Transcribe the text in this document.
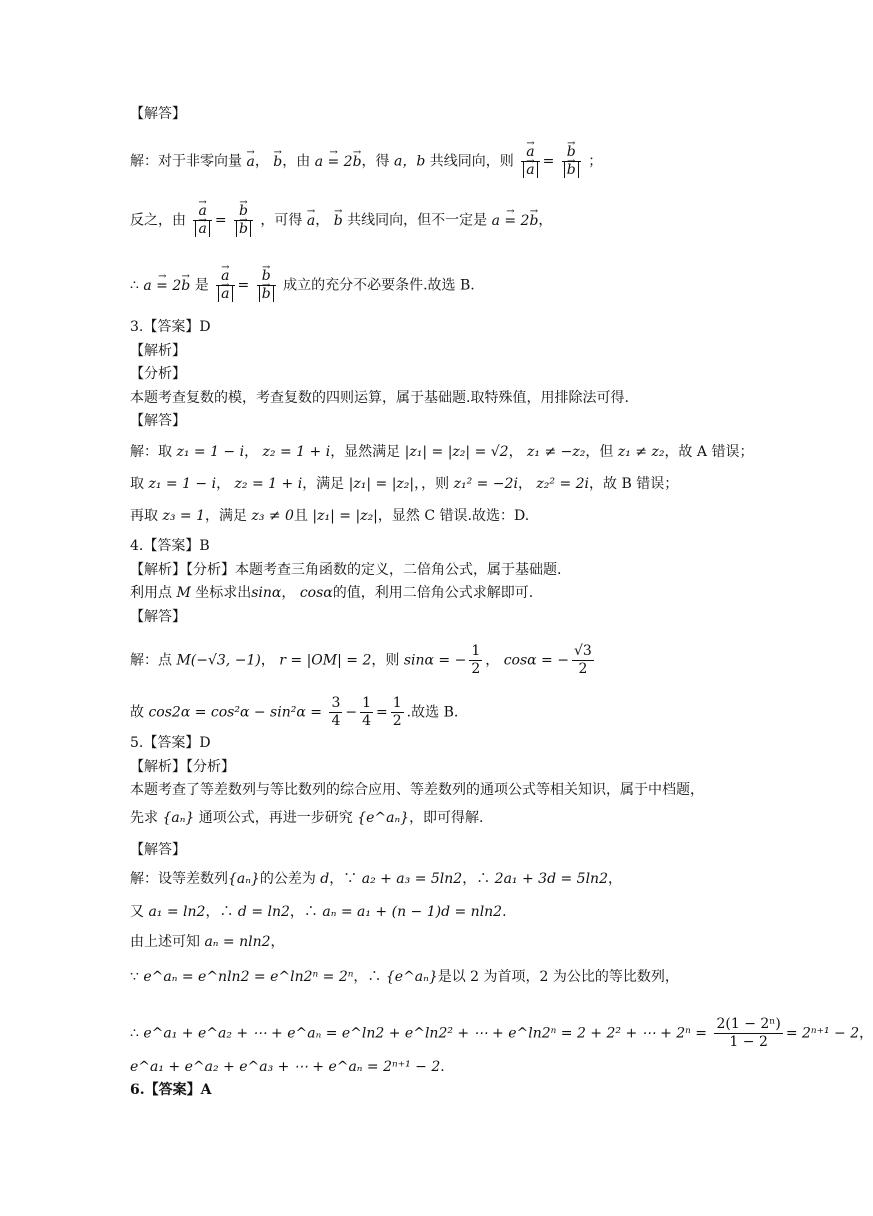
【解答】
解：对于非零向量 → a， → b，由 → a = 2→ b，得 a，b 共线同向，则 → a
→ a = → b
→ b ；
反之，由 → a
→ a = → b
→ b ，可得 → a， → b 共线同向，但不一定是 → a = 2→ b，
∴ → a = 2→ b 是 → a
→ a = → b
→ b 成立的充分不必要条件.故选 B.
3.【答案】D
【解析】
【分析】
本题考查复数的模，考查复数的四则运算，属于基础题.取特殊值，用排除法可得.
【解答】
解：取 z₁ = 1 − i， z₂ = 1 + i，显然满足 |z₁| = |z₂| = √2， z₁ ≠ −z₂，但 z₁ ≠ z₂，故 A 错误；
取 z₁ = 1 − i， z₂ = 1 + i，满足 |z₁| = |z₂|，，则 z₁² = −2i， z₂² = 2i，故 B 错误；
再取 z₃ = 1，满足 z₃ ≠ 0且 |z₁| = |z₂|，显然 C 错误.故选：D.
4.【答案】B
【解析】【分析】本题考查三角函数的定义，二倍角公式，属于基础题.
利用点 M 坐标求出sinα， cosα的值，利用二倍角公式求解即可.
【解答】
解：点 M(−√3, −1)， r = |OM| = 2，则 sinα = − $\frac{1}{2}$ ， cosα = − $\frac{√3}{2}$
故 $\cos 2\alpha = \cos^2\alpha - \sin^2\alpha = \frac{3}{4} - \frac{1}{4} = \frac{1}{2}$ .故选 B.
5.【答案】D
【解析】【分析】
本题考查了等差数列与等比数列的综合应用、等差数列的通项公式等相关知识，属于中档题，
先求 {aₙ} 通项公式，再进一步研究 {e^aₙ}，即可得解.
【解答】
解：设等差数列{aₙ}的公差为 d，∵ a₂ + a₃ = 5ln2，∴ 2a₁ + 3d = 5ln2，
又 a₁ = ln2，∴ d = ln2，∴ aₙ = a₁ + (n − 1)d = nln2.
由上述可知 aₙ = nln2，
∵ e^aₙ = e^nln2 = e^ln2ⁿ = 2ⁿ，∴ {e^aₙ}是以 2 为首项，2 为公比的等比数列，
∴ e^a₁ + e^a₂ + ⋯ + e^aₙ = e^ln2 + e^ln2² + ⋯ + e^ln2ⁿ = 2 + 2² + ⋯ + $2^n = \frac{\text{2(1 − 2ⁿ)}}{1 - 2} = 2^{n+1} - 2$，
e^a₁ + e^a₂ + e^a₃ + ⋯ + e^aₙ = 2ⁿ⁺¹ − 2.
6.【答案】A
